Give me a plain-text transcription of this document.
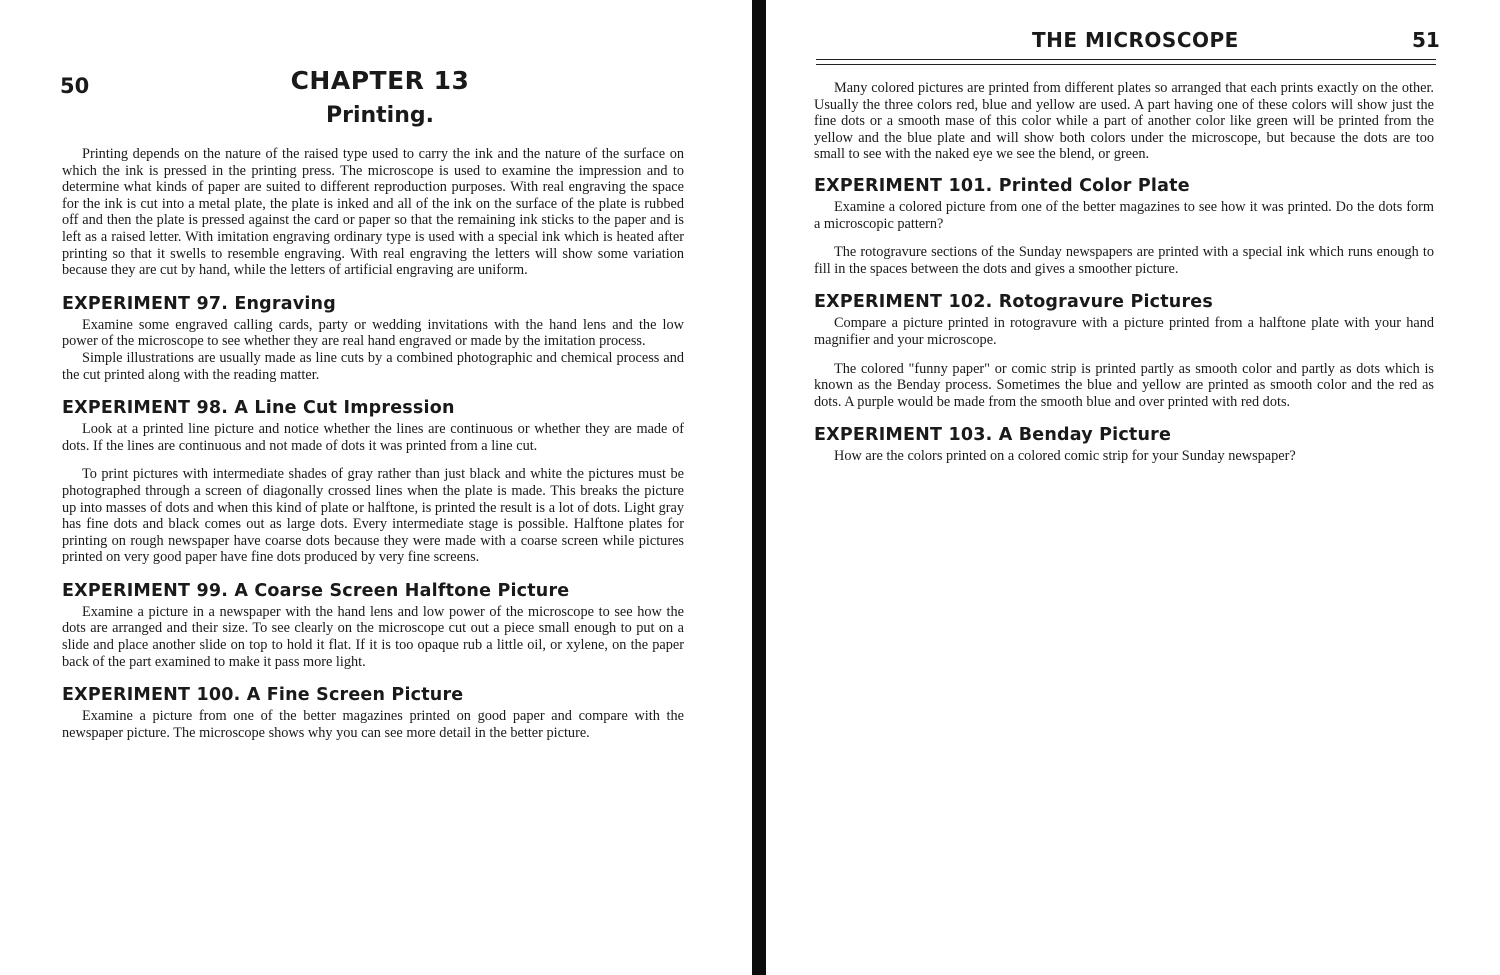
50	CHAPTER 13
Printing.

Printing depends on the nature of the raised type used to carry the ink and the nature of the surface on which the ink is pressed in the printing press. The microscope is used to examine the impression and to determine what kinds of paper are suited to different reproduction purposes. With real engraving the space for the ink is cut into a metal plate, the plate is inked and all of the ink on the surface of the plate is rubbed off and then the plate is pressed against the card or paper so that the remaining ink sticks to the paper and is left as a raised letter. With imitation engraving ordinary type is used with a special ink which is heated after printing so that it swells to resemble engraving. With real engraving the letters will show some variation because they are cut by hand, while the letters of artificial engraving are uniform.

EXPERIMENT 97. Engraving

Examine some engraved calling cards, party or wedding invitations with the hand lens and the low power of the microscope to see whether they are real hand engraved or made by the imitation process.

Simple illustrations are usually made as line cuts by a combined photographic and chemical process and the cut printed along with the reading matter.

EXPERIMENT 98. A Line Cut Impression

Look at a printed line picture and notice whether the lines are continuous or whether they are made of dots. If the lines are continuous and not made of dots it was printed from a line cut.

To print pictures with intermediate shades of gray rather than just black and white the pictures must be photographed through a screen of diagonally crossed lines when the plate is made. This breaks the picture up into masses of dots and when this kind of plate or halftone, is printed the result is a lot of dots. Light gray has fine dots and black comes out as large dots. Every intermediate stage is possible. Halftone plates for printing on rough newspaper have coarse dots because they were made with a coarse screen while pictures printed on very good paper have fine dots produced by very fine screens.

EXPERIMENT 99. A Coarse Screen Halftone Picture

Examine a picture in a newspaper with the hand lens and low power of the microscope to see how the dots are arranged and their size. To see clearly on the microscope cut out a piece small enough to put on a slide and place another slide on top to hold it flat. If it is too opaque rub a little oil, or xylene, on the paper back of the part examined to make it pass more light.

EXPERIMENT 100. A Fine Screen Picture

Examine a picture from one of the better magazines printed on good paper and compare with the newspaper picture. The microscope shows why you can see more detail in the better picture.

THE MICROSCOPE	51

Many colored pictures are printed from different plates so arranged that each prints exactly on the other. Usually the three colors red, blue and yellow are used. A part having one of these colors will show just the fine dots or a smooth mase of this color while a part of another color like green will be printed from the yellow and the blue plate and will show both colors under the microscope, but because the dots are too small to see with the naked eye we see the blend, or green.

EXPERIMENT 101. Printed Color Plate

Examine a colored picture from one of the better magazines to see how it was printed. Do the dots form a microscopic pattern?

The rotogravure sections of the Sunday newspapers are printed with a special ink which runs enough to fill in the spaces between the dots and gives a smoother picture.

EXPERIMENT 102. Rotogravure Pictures

Compare a picture printed in rotogravure with a picture printed from a halftone plate with your hand magnifier and your microscope.

The colored "funny paper" or comic strip is printed partly as smooth color and partly as dots which is known as the Benday process. Sometimes the blue and yellow are printed as smooth color and the red as dots. A purple would be made from the smooth blue and over printed with red dots.

EXPERIMENT 103. A Benday Picture

How are the colors printed on a colored comic strip for your Sunday newspaper?
